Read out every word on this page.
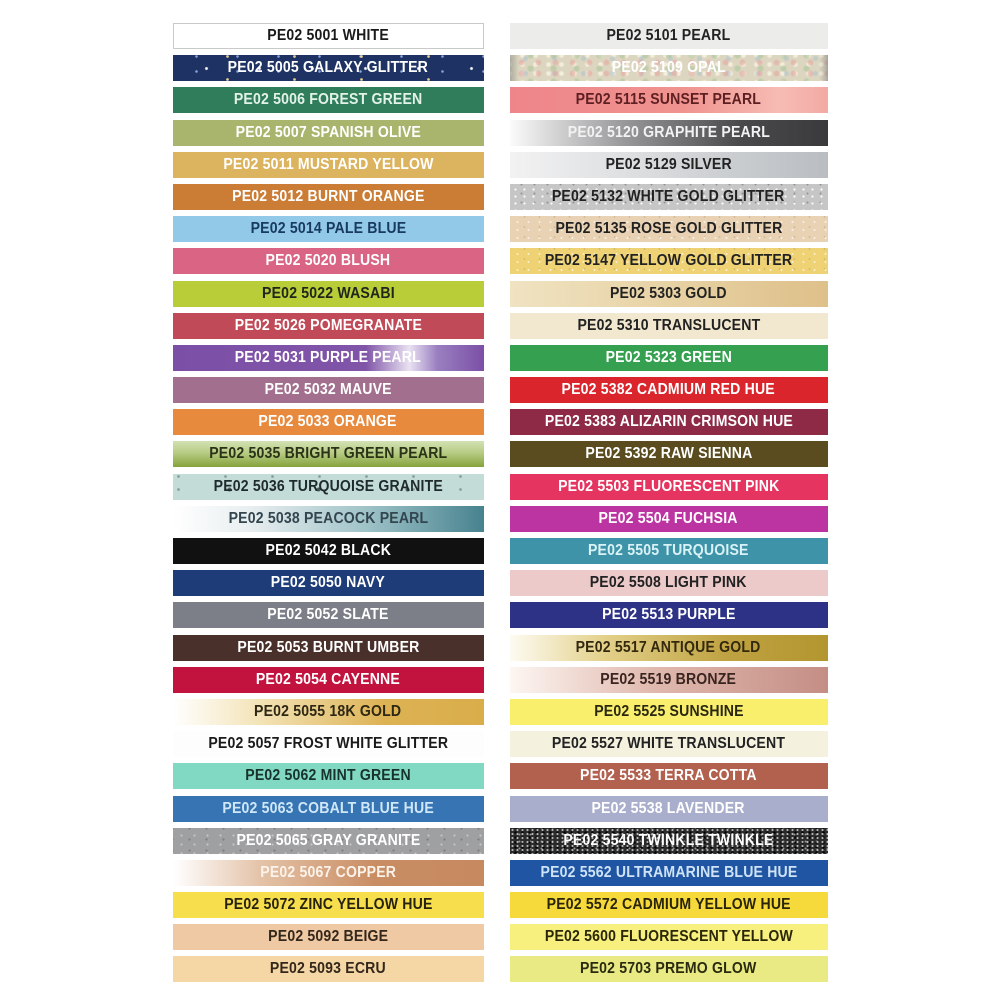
PE02 5001 WHITE
PE02 5005 GALAXY GLITTER
PE02 5006 FOREST GREEN
PE02 5007 SPANISH OLIVE
PE02 5011 MUSTARD YELLOW
PE02 5012 BURNT ORANGE
PE02 5014 PALE BLUE
PE02 5020 BLUSH
PE02 5022 WASABI
PE02 5026 POMEGRANATE
PE02 5031 PURPLE PEARL
PE02 5032 MAUVE
PE02 5033 ORANGE
PE02 5035 BRIGHT GREEN PEARL
PE02 5036 TURQUOISE GRANITE
PE02 5038 PEACOCK PEARL
PE02 5042 BLACK
PE02 5050 NAVY
PE02 5052 SLATE
PE02 5053 BURNT UMBER
PE02 5054 CAYENNE
PE02 5055 18K GOLD
PE02 5057 FROST WHITE GLITTER
PE02 5062 MINT GREEN
PE02 5063 COBALT BLUE HUE
PE02 5065 GRAY GRANITE
PE02 5067 COPPER
PE02 5072 ZINC YELLOW HUE
PE02 5092 BEIGE
PE02 5093 ECRU
PE02 5101 PEARL
PE02 5109 OPAL
PE02 5115 SUNSET PEARL
PE02 5120 GRAPHITE PEARL
PE02 5129 SILVER
PE02 5132 WHITE GOLD GLITTER
PE02 5135 ROSE GOLD GLITTER
PE02 5147 YELLOW GOLD GLITTER
PE02 5303 GOLD
PE02 5310 TRANSLUCENT
PE02 5323 GREEN
PE02 5382 CADMIUM RED HUE
PE02 5383 ALIZARIN CRIMSON HUE
PE02 5392 RAW SIENNA
PE02 5503 FLUORESCENT PINK
PE02 5504 FUCHSIA
PE02 5505 TURQUOISE
PE02 5508 LIGHT PINK
PE02 5513 PURPLE
PE02 5517 ANTIQUE GOLD
PE02 5519 BRONZE
PE02 5525 SUNSHINE
PE02 5527 WHITE TRANSLUCENT
PE02 5533 TERRA COTTA
PE02 5538 LAVENDER
PE02 5540 TWINKLE TWINKLE
PE02 5562 ULTRAMARINE BLUE HUE
PE02 5572 CADMIUM YELLOW HUE
PE02 5600 FLUORESCENT YELLOW
PE02 5703 PREMO GLOW
